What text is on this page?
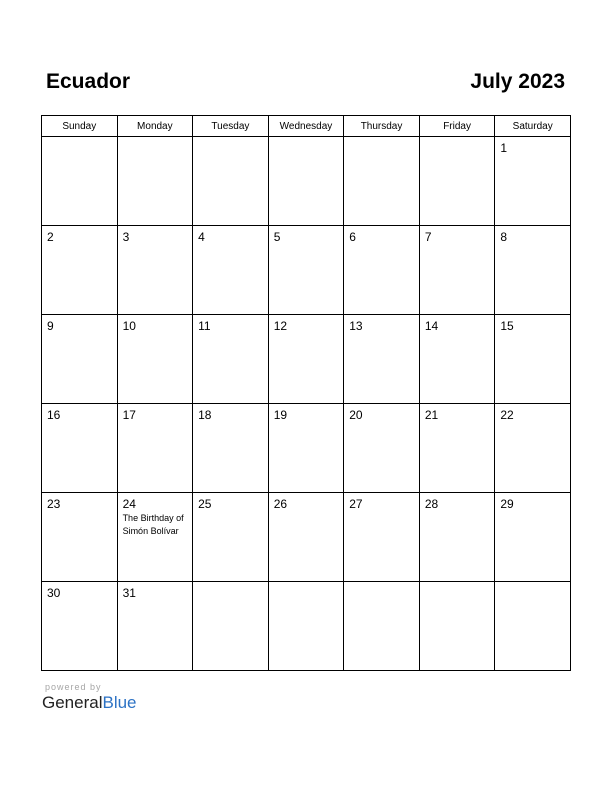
Ecuador	July 2023
Sunday	Monday	Tuesday	Wednesday	Thursday	Friday	Saturday

						1

2	3	4	5	6	7	8

9	10	11	12	13	14	15

16	17	18	19	20	21	22

23	24
The Birthday of Simón Bolívar	25	26	27	28	29

30	31					

powered by
GeneralBlue
